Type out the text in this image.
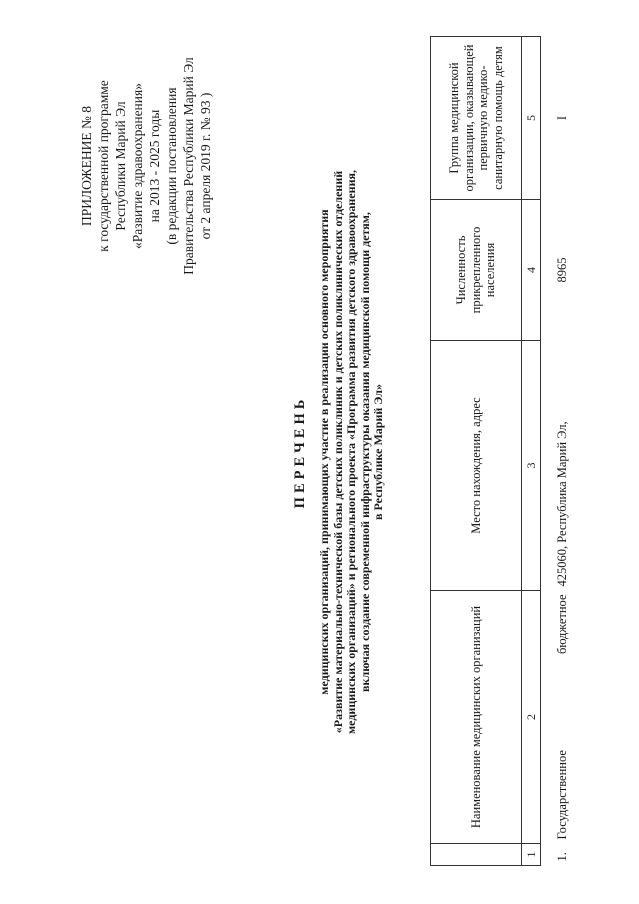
ПРИЛОЖЕНИЕ № 8 к государственной программе Республики Марий Эл «Развитие здравоохранения» на 2013 - 2025 годы (в редакции постановления Правительства Республики Марий Эл от 2 апреля 2019 г. № 93 )
ПЕРЕЧЕНЬ медицинских организаций, принимающих участие в реализации основного мероприятия «Развитие материально-технической базы детских поликлиник и детских поликлинических отделений медицинских организаций» и регионального проекта «Программа развития детского здравоохранения, включая создание современной инфраструктуры оказания медицинской помощи детям, в Республике Марий Эл»
	Наименование медицинских организаций	Место нахождения, адрес	Численность прикрепленного населения	Группа медицинской организации, оказывающей первичную медико-санитарную помощь детям
1	2	3	4	5
1.	Государственное бюджетное	425060, Республика Марий Эл,	8965	I
